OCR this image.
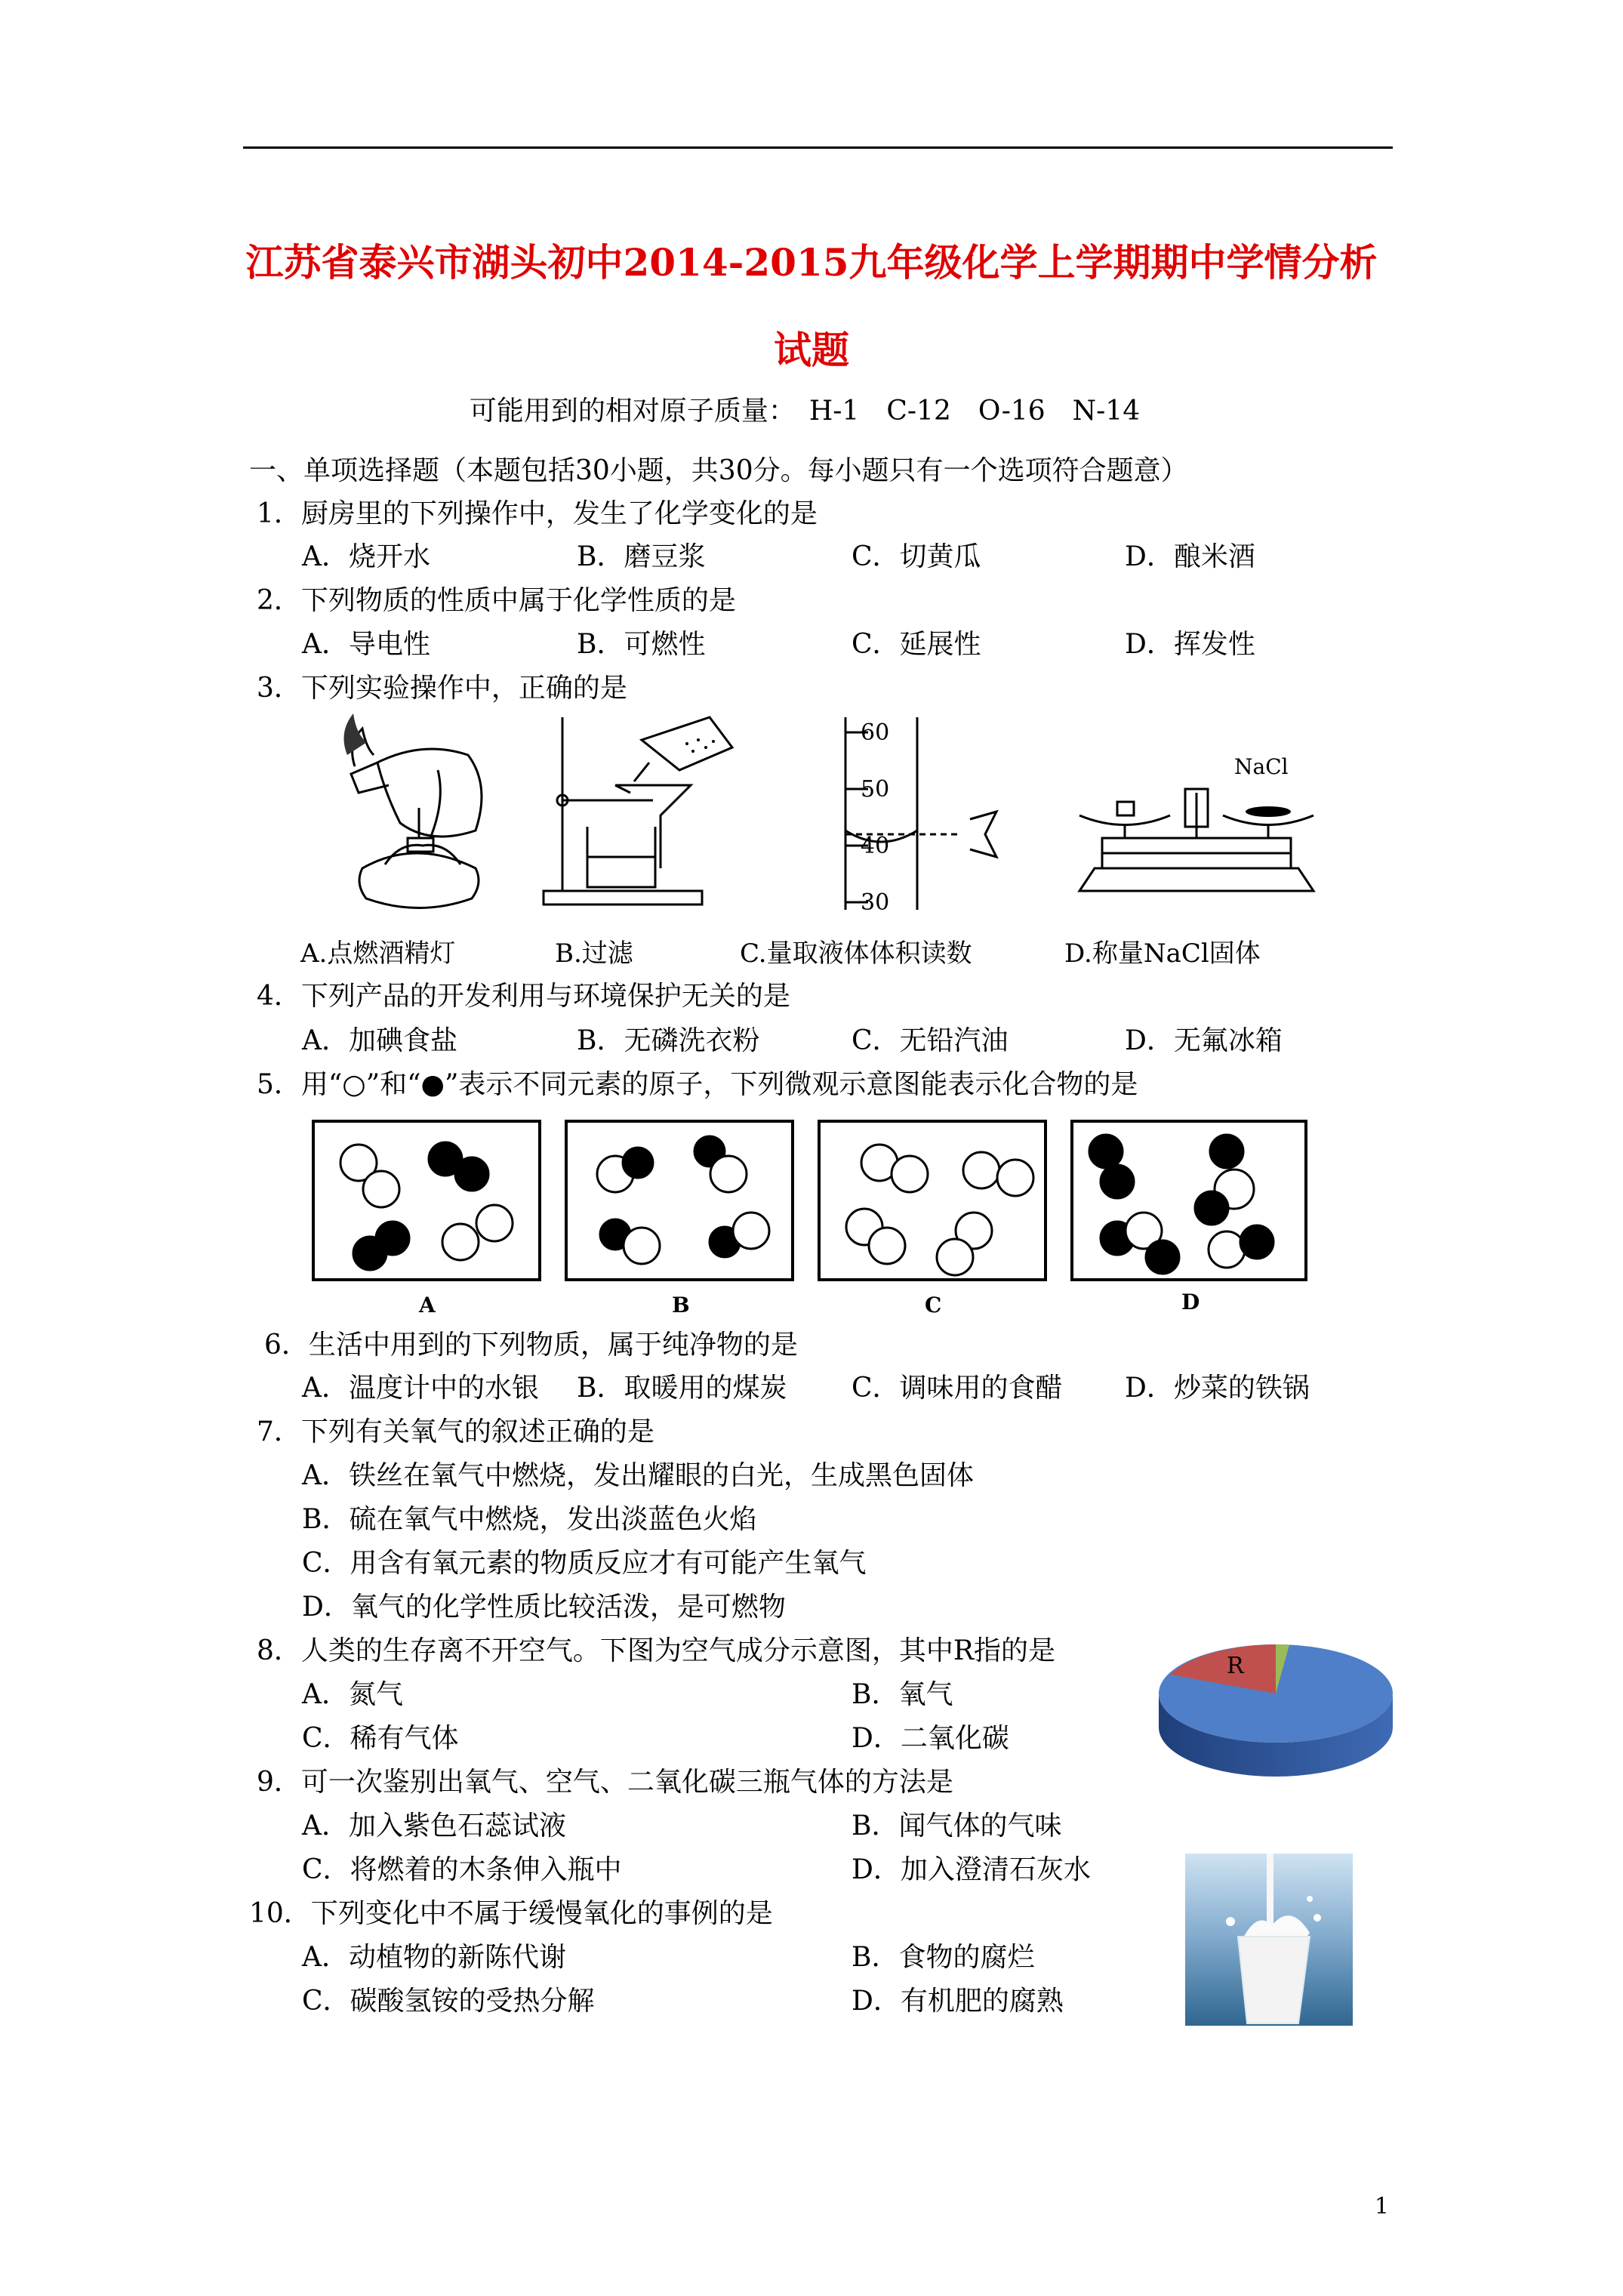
江苏省泰兴市湖头初中2014-2015九年级化学上学期期中学情分析
试题
可能用到的相对原子质量： H-1 C-12 O-16 N-14
一、单项选择题（本题包括30小题，共30分。每小题只有一个选项符合题意）
1．厨房里的下列操作中，发生了化学变化的是
A．烧开水	B．磨豆浆	C．切黄瓜	D．酿米酒
2．下列物质的性质中属于化学性质的是
A．导电性	B．可燃性	C．延展性	D．挥发性
3．下列实验操作中，正确的是
60
50
40
30
NaCl
A.点燃酒精灯	B.过滤	C.量取液体体积读数	D.称量NaCl固体
4．下列产品的开发利用与环境保护无关的是
A．加碘食盐	B．无磷洗衣粉	C．无铅汽油	D．无氟冰箱
5．用“○”和“●”表示不同元素的原子，下列微观示意图能表示化合物的是
A	B	C	D
6．生活中用到的下列物质，属于纯净物的是
A．温度计中的水银 B．取暖用的煤炭 C．调味用的食醋 D．炒菜的铁锅
7．下列有关氧气的叙述正确的是
A．铁丝在氧气中燃烧，发出耀眼的白光，生成黑色固体
B．硫在氧气中燃烧，发出淡蓝色火焰
C．用含有氧元素的物质反应才有可能产生氧气
D．氧气的化学性质比较活泼，是可燃物
8．人类的生存离不开空气。下图为空气成分示意图，其中R指的是
A．氮气	B．氧气
C．稀有气体	D．二氧化碳
R
9．可一次鉴别出氧气、空气、二氧化碳三瓶气体的方法是
A．加入紫色石蕊试液	B．闻气体的气味
C．将燃着的木条伸入瓶中	D．加入澄清石灰水
10．下列变化中不属于缓慢氧化的事例的是
A．动植物的新陈代谢	B．食物的腐烂
C．碳酸氢铵的受热分解	D．有机肥的腐熟
1
